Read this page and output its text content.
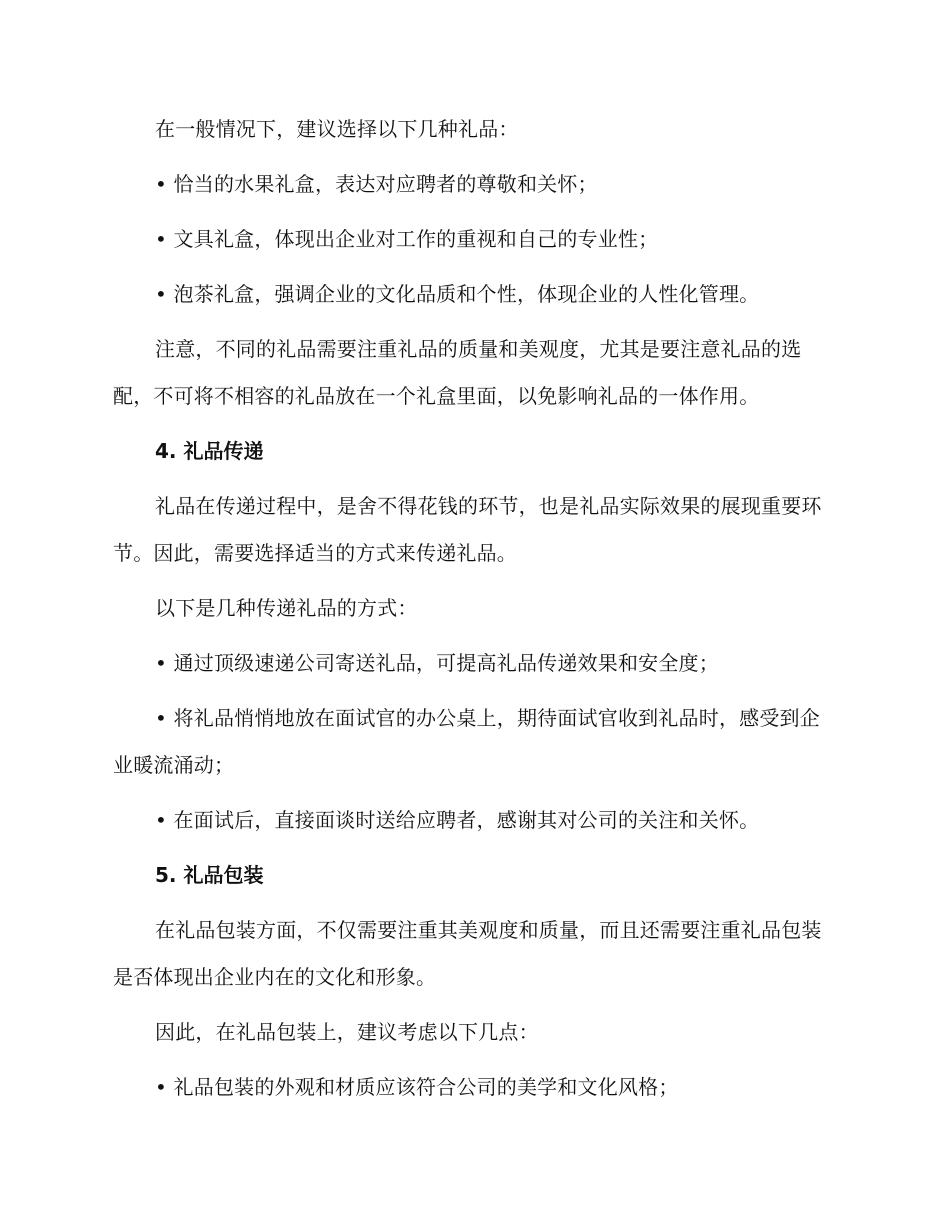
在一般情况下，建议选择以下几种礼品：

• 恰当的水果礼盒，表达对应聘者的尊敬和关怀；

• 文具礼盒，体现出企业对工作的重视和自己的专业性；

• 泡茶礼盒，强调企业的文化品质和个性，体现企业的人性化管理。

注意，不同的礼品需要注重礼品的质量和美观度，尤其是要注意礼品的选配，不可将不相容的礼品放在一个礼盒里面，以免影响礼品的一体作用。

4. 礼品传递

礼品在传递过程中，是舍不得花钱的环节，也是礼品实际效果的展现重要环节。因此，需要选择适当的方式来传递礼品。

以下是几种传递礼品的方式：

• 通过顶级速递公司寄送礼品，可提高礼品传递效果和安全度；

• 将礼品悄悄地放在面试官的办公桌上，期待面试官收到礼品时，感受到企业暖流涌动；

• 在面试后，直接面谈时送给应聘者，感谢其对公司的关注和关怀。

5. 礼品包装

在礼品包装方面，不仅需要注重其美观度和质量，而且还需要注重礼品包装是否体现出企业内在的文化和形象。

因此，在礼品包装上，建议考虑以下几点：

• 礼品包装的外观和材质应该符合公司的美学和文化风格；
